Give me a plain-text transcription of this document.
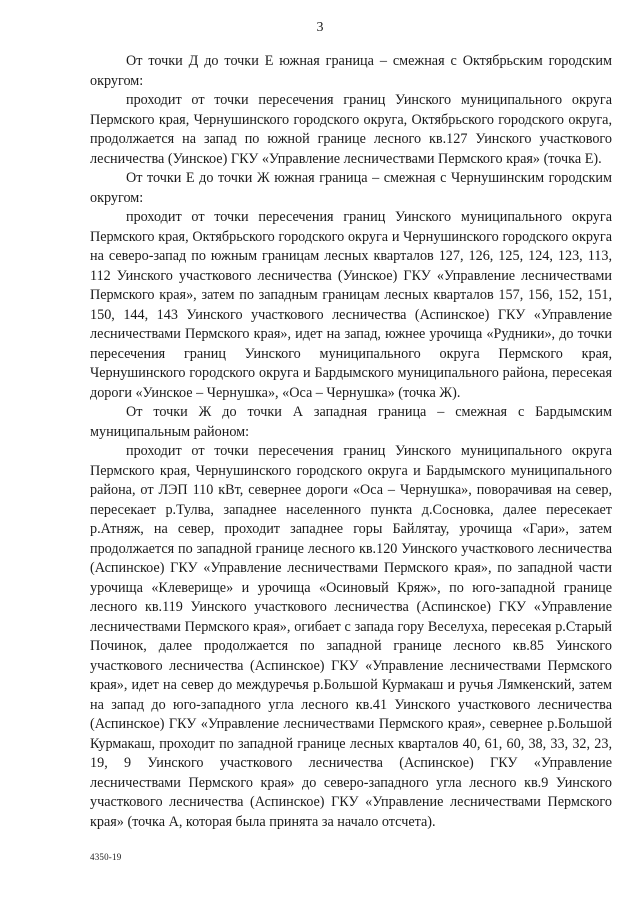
3

От точки Д до точки Е южная граница – смежная с Октябрьским городским округом:

проходит от точки пересечения границ Уинского муниципального округа Пермского края, Чернушинского городского округа, Октябрьского городского округа, продолжается на запад по южной границе лесного кв.127 Уинского участкового лесничества (Уинское) ГКУ «Управление лесничествами Пермского края» (точка Е).

От точки Е до точки Ж южная граница – смежная с Чернушинским городским округом:

проходит от точки пересечения границ Уинского муниципального округа Пермского края, Октябрьского городского округа и Чернушинского городского округа на северо-запад по южным границам лесных кварталов 127, 126, 125, 124, 123, 113, 112 Уинского участкового лесничества (Уинское) ГКУ «Управление лесничествами Пермского края», затем по западным границам лесных кварталов 157, 156, 152, 151, 150, 144, 143 Уинского участкового лесничества (Аспинское) ГКУ «Управление лесничествами Пермского края», идет на запад, южнее урочища «Рудники», до точки пересечения границ Уинского муниципального округа Пермского края, Чернушинского городского округа и Бардымского муниципального района, пересекая дороги «Уинское – Чернушка», «Оса – Чернушка» (точка Ж).

От точки Ж до точки А западная граница – смежная с Бардымским муниципальным районом:

проходит от точки пересечения границ Уинского муниципального округа Пермского края, Чернушинского городского округа и Бардымского муниципального района, от ЛЭП 110 кВт, севернее дороги «Оса – Чернушка», поворачивая на север, пересекает р.Тулва, западнее населенного пункта д.Сосновка, далее пересекает р.Атняж, на север, проходит западнее горы Байлятау, урочища «Гари», затем продолжается по западной границе лесного кв.120 Уинского участкового лесничества (Аспинское) ГКУ «Управление лесничествами Пермского края», по западной части урочища «Клеверище» и урочища «Осиновый Кряж», по юго-западной границе лесного кв.119 Уинского участкового лесничества (Аспинское) ГКУ «Управление лесничествами Пермского края», огибает с запада гору Веселуха, пересекая р.Старый Починок, далее продолжается по западной границе лесного кв.85 Уинского участкового лесничества (Аспинское) ГКУ «Управление лесничествами Пермского края», идет на север до междуречья р.Большой Курмакаш и ручья Лямкенский, затем на запад до юго-западного угла лесного кв.41 Уинского участкового лесничества (Аспинское) ГКУ «Управление лесничествами Пермского края», севернее р.Большой Курмакаш, проходит по западной границе лесных кварталов 40, 61, 60, 38, 33, 32, 23, 19, 9 Уинского участкового лесничества (Аспинское) ГКУ «Управление лесничествами Пермского края» до северо-западного угла лесного кв.9 Уинского участкового лесничества (Аспинское) ГКУ «Управление лесничествами Пермского края» (точка А, которая была принята за начало отсчета).

4350-19
